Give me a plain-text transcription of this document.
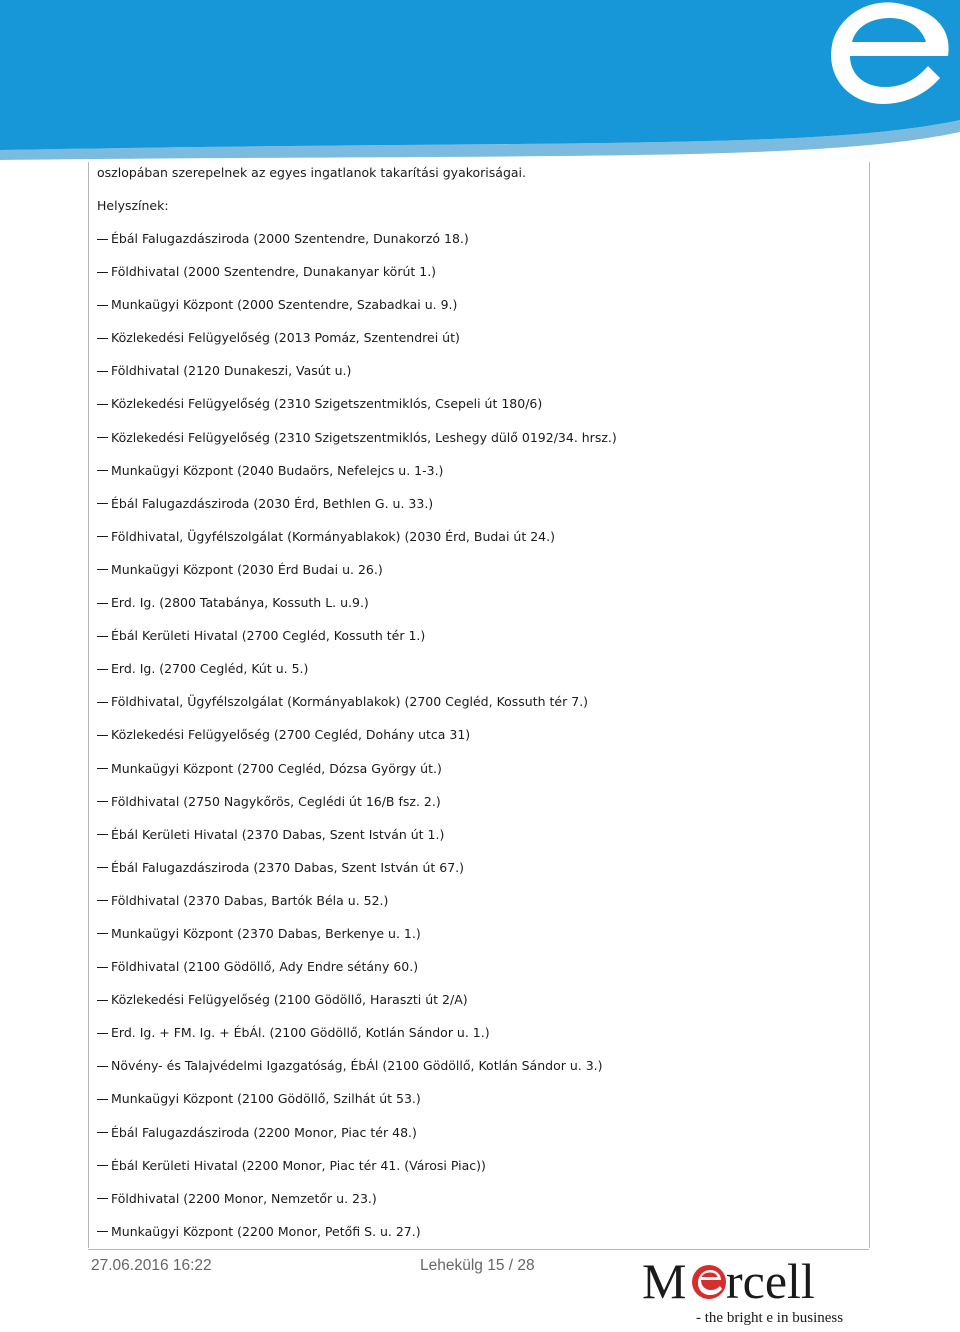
oszlopában szerepelnek az egyes ingatlanok takarítási gyakoriságai.
Helyszínek:
Ébál Falugazdásziroda (2000 Szentendre, Dunakorzó 18.)
Földhivatal (2000 Szentendre, Dunakanyar körút 1.)
Munkaügyi Központ (2000 Szentendre, Szabadkai u. 9.)
Közlekedési Felügyelőség (2013 Pomáz, Szentendrei út)
Földhivatal (2120 Dunakeszi, Vasút u.)
Közlekedési Felügyelőség (2310 Szigetszentmiklós, Csepeli út 180/6)
Közlekedési Felügyelőség (2310 Szigetszentmiklós, Leshegy dülő 0192/34. hrsz.)
Munkaügyi Központ (2040 Budaörs, Nefelejcs u. 1-3.)
Ébál Falugazdásziroda (2030 Érd, Bethlen G. u. 33.)
Földhivatal, Ügyfélszolgálat (Kormányablakok) (2030 Érd, Budai út 24.)
Munkaügyi Központ (2030 Érd Budai u. 26.)
Erd. Ig. (2800 Tatabánya, Kossuth L. u.9.)
Ébál Kerületi Hivatal (2700 Cegléd, Kossuth tér 1.)
Erd. Ig. (2700 Cegléd, Kút u. 5.)
Földhivatal, Ügyfélszolgálat (Kormányablakok) (2700 Cegléd, Kossuth tér 7.)
Közlekedési Felügyelőség (2700 Cegléd, Dohány utca 31)
Munkaügyi Központ (2700 Cegléd, Dózsa György út.)
Földhivatal (2750 Nagykőrös, Ceglédi út 16/B fsz. 2.)
Ébál Kerületi Hivatal (2370 Dabas, Szent István út 1.)
Ébál Falugazdásziroda (2370 Dabas, Szent István út 67.)
Földhivatal (2370 Dabas, Bartók Béla u. 52.)
Munkaügyi Központ (2370 Dabas, Berkenye u. 1.)
Földhivatal (2100 Gödöllő, Ady Endre sétány 60.)
Közlekedési Felügyelőség (2100 Gödöllő, Haraszti út 2/A)
Erd. Ig. + FM. Ig. + ÉbÁl. (2100 Gödöllő, Kotlán Sándor u. 1.)
Növény- és Talajvédelmi Igazgatóság, ÉbÁl (2100 Gödöllő, Kotlán Sándor u. 3.)
Munkaügyi Központ (2100 Gödöllő, Szilhát út 53.)
Ébál Falugazdásziroda (2200 Monor, Piac tér 48.)
Ébál Kerületi Hivatal (2200 Monor, Piac tér 41. (Városi Piac))
Földhivatal (2200 Monor, Nemzetőr u. 23.)
Munkaügyi Központ (2200 Monor, Petőfi S. u. 27.)
27.06.2016 16:22	Lehekülg 15 / 28 M rcell
- the bright e in business
